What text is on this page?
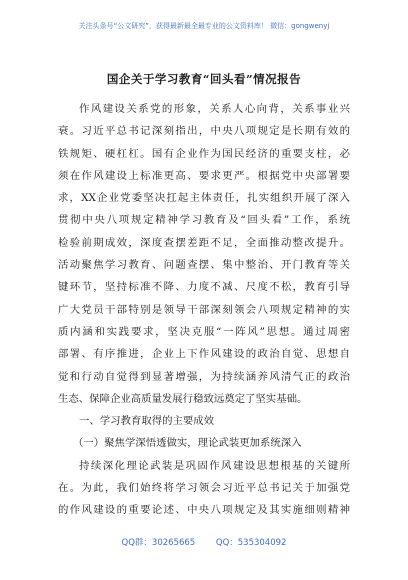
关注头条号“公文研究”，获得最新最全最专业的公文资料库！ 微信：gongwenyj
国企关于学习教育“回头看”情况报告
作风建设关系党的形象，关系人心向背，关系事业兴
衰。习近平总书记深刻指出，中央八项规定是长期有效的
铁规矩、硬杠杠。国有企业作为国民经济的重要支柱，必
须在作风建设上标准更高、要求更严。根据党中央部署要
求，XX企业党委坚决扛起主体责任，扎实组织开展了深入
贯彻中央八项规定精神学习教育及“回头看”工作，系统
检验前期成效，深度查摆差距不足，全面推动整改提升。
活动聚焦学习教育、问题查摆、集中整治、开门教育等关
键环节，坚持标准不降、力度不减、尺度不松，教育引导
广大党员干部特别是领导干部深刻领会八项规定精神的实
质内涵和实践要求，坚决克服“一阵风”思想。通过周密
部署、有序推进，企业上下作风建设的政治自觉、思想自
觉和行动自觉得到显著增强，为持续涵养风清气正的政治
生态、保障企业高质量发展行稳致远奠定了坚实基础。
一、学习教育取得的主要成效
（一）聚焦学深悟透做实，理论武装更加系统深入
持续深化理论武装是巩固作风建设思想根基的关键所
在。为此，我们始终将学习领会习近平总书记关于加强党
的作风建设的重要论述、中央八项规定及其实施细则精神
QQ群：30265665 QQ：535304092
